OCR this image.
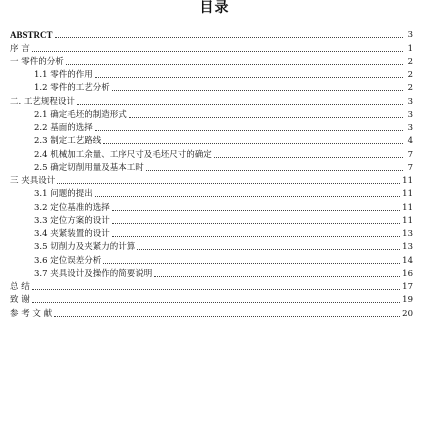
目录
ABSTRCT	3
序 言	1
一 零件的分析	2
1.1 零件的作用	2
1.2 零件的工艺分析	2
二. 工艺规程设计	3
2.1 确定毛坯的制造形式	3
2.2 基面的选择	3
2.3 制定工艺路线	4
2.4 机械加工余量、工序尺寸及毛坯尺寸的确定	7
2.5 确定切削用量及基本工时	7
三 夹具设计	11
3.1 问题的提出	11
3.2 定位基准的选择	11
3.3 定位方案的设计	11
3.4 夹紧装置的设计	13
3.5 切削力及夹紧力的计算	13
3.6 定位误差分析	14
3.7 夹具设计及操作的简要说明	16
总 结	17
致 谢	19
参 考 文 献	20
